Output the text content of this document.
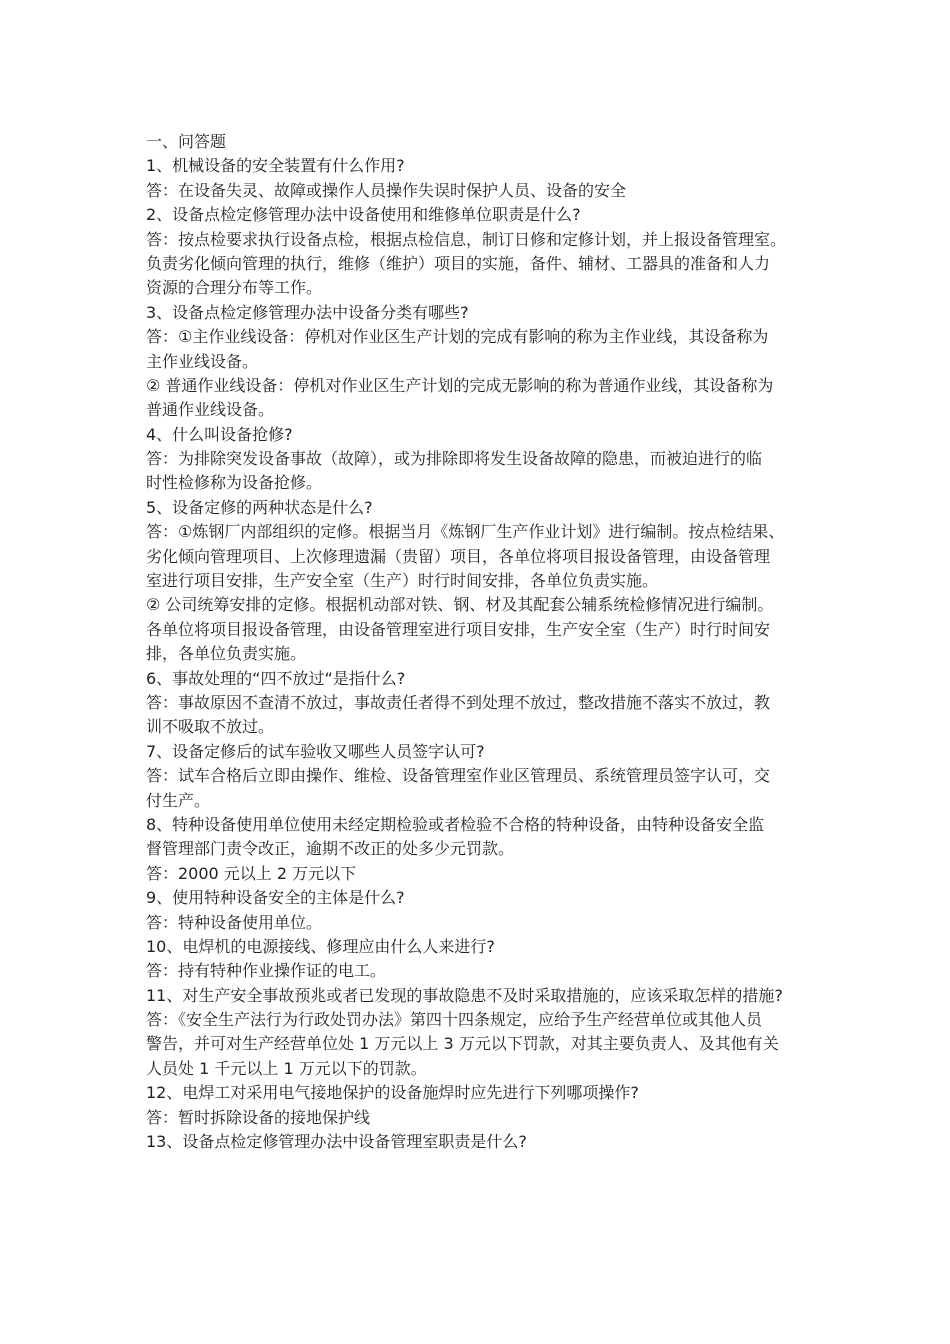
一、问答题
1、机械设备的安全装置有什么作用?
答：在设备失灵、故障或操作人员操作失误时保护人员、设备的安全
2、设备点检定修管理办法中设备使用和维修单位职责是什么?
答：按点检要求执行设备点检，根据点检信息，制订日修和定修计划，并上报设备管理室。
负责劣化倾向管理的执行，维修（维护）项目的实施，备件、辅材、工器具的准备和人力
资源的合理分布等工作。
3、设备点检定修管理办法中设备分类有哪些?
答：①主作业线设备：停机对作业区生产计划的完成有影响的称为主作业线，其设备称为
主作业线设备。
② 普通作业线设备：停机对作业区生产计划的完成无影响的称为普通作业线，其设备称为
普通作业线设备。
4、什么叫设备抢修?
答：为排除突发设备事故（故障），或为排除即将发生设备故障的隐患，而被迫进行的临
时性检修称为设备抢修。
5、设备定修的两种状态是什么?
答：①炼钢厂内部组织的定修。根据当月《炼钢厂生产作业计划》进行编制。按点检结果、
劣化倾向管理项目、上次修理遗漏（贵留）项目，各单位将项目报设备管理，由设备管理
室进行项目安排，生产安全室（生产）时行时间安排，各单位负责实施。
② 公司统筹安排的定修。根据机动部对铁、钢、材及其配套公辅系统检修情况进行编制。
各单位将项目报设备管理，由设备管理室进行项目安排，生产安全室（生产）时行时间安
排，各单位负责实施。
6、事故处理的“四不放过“是指什么?
答：事故原因不查清不放过，事故责任者得不到处理不放过，整改措施不落实不放过，教
训不吸取不放过。
7、设备定修后的试车验收又哪些人员签字认可?
答：试车合格后立即由操作、维检、设备管理室作业区管理员、系统管理员签字认可，交
付生产。
8、特种设备使用单位使用未经定期检验或者检验不合格的特种设备，由特种设备安全监
督管理部门责令改正，逾期不改正的处多少元罚款。
答：2000 元以上 2 万元以下
9、使用特种设备安全的主体是什么?
答：特种设备使用单位。
10、电焊机的电源接线、修理应由什么人来进行?
答：持有特种作业操作证的电工。
11、对生产安全事故预兆或者已发现的事故隐患不及时采取措施的，应该采取怎样的措施?
答：《安全生产法行为行政处罚办法》第四十四条规定，应给予生产经营单位或其他人员
警告，并可对生产经营单位处 1 万元以上 3 万元以下罚款，对其主要负责人、及其他有关
人员处 1 千元以上 1 万元以下的罚款。
12、电焊工对采用电气接地保护的设备施焊时应先进行下列哪项操作?
答：暂时拆除设备的接地保护线
13、设备点检定修管理办法中设备管理室职责是什么?
